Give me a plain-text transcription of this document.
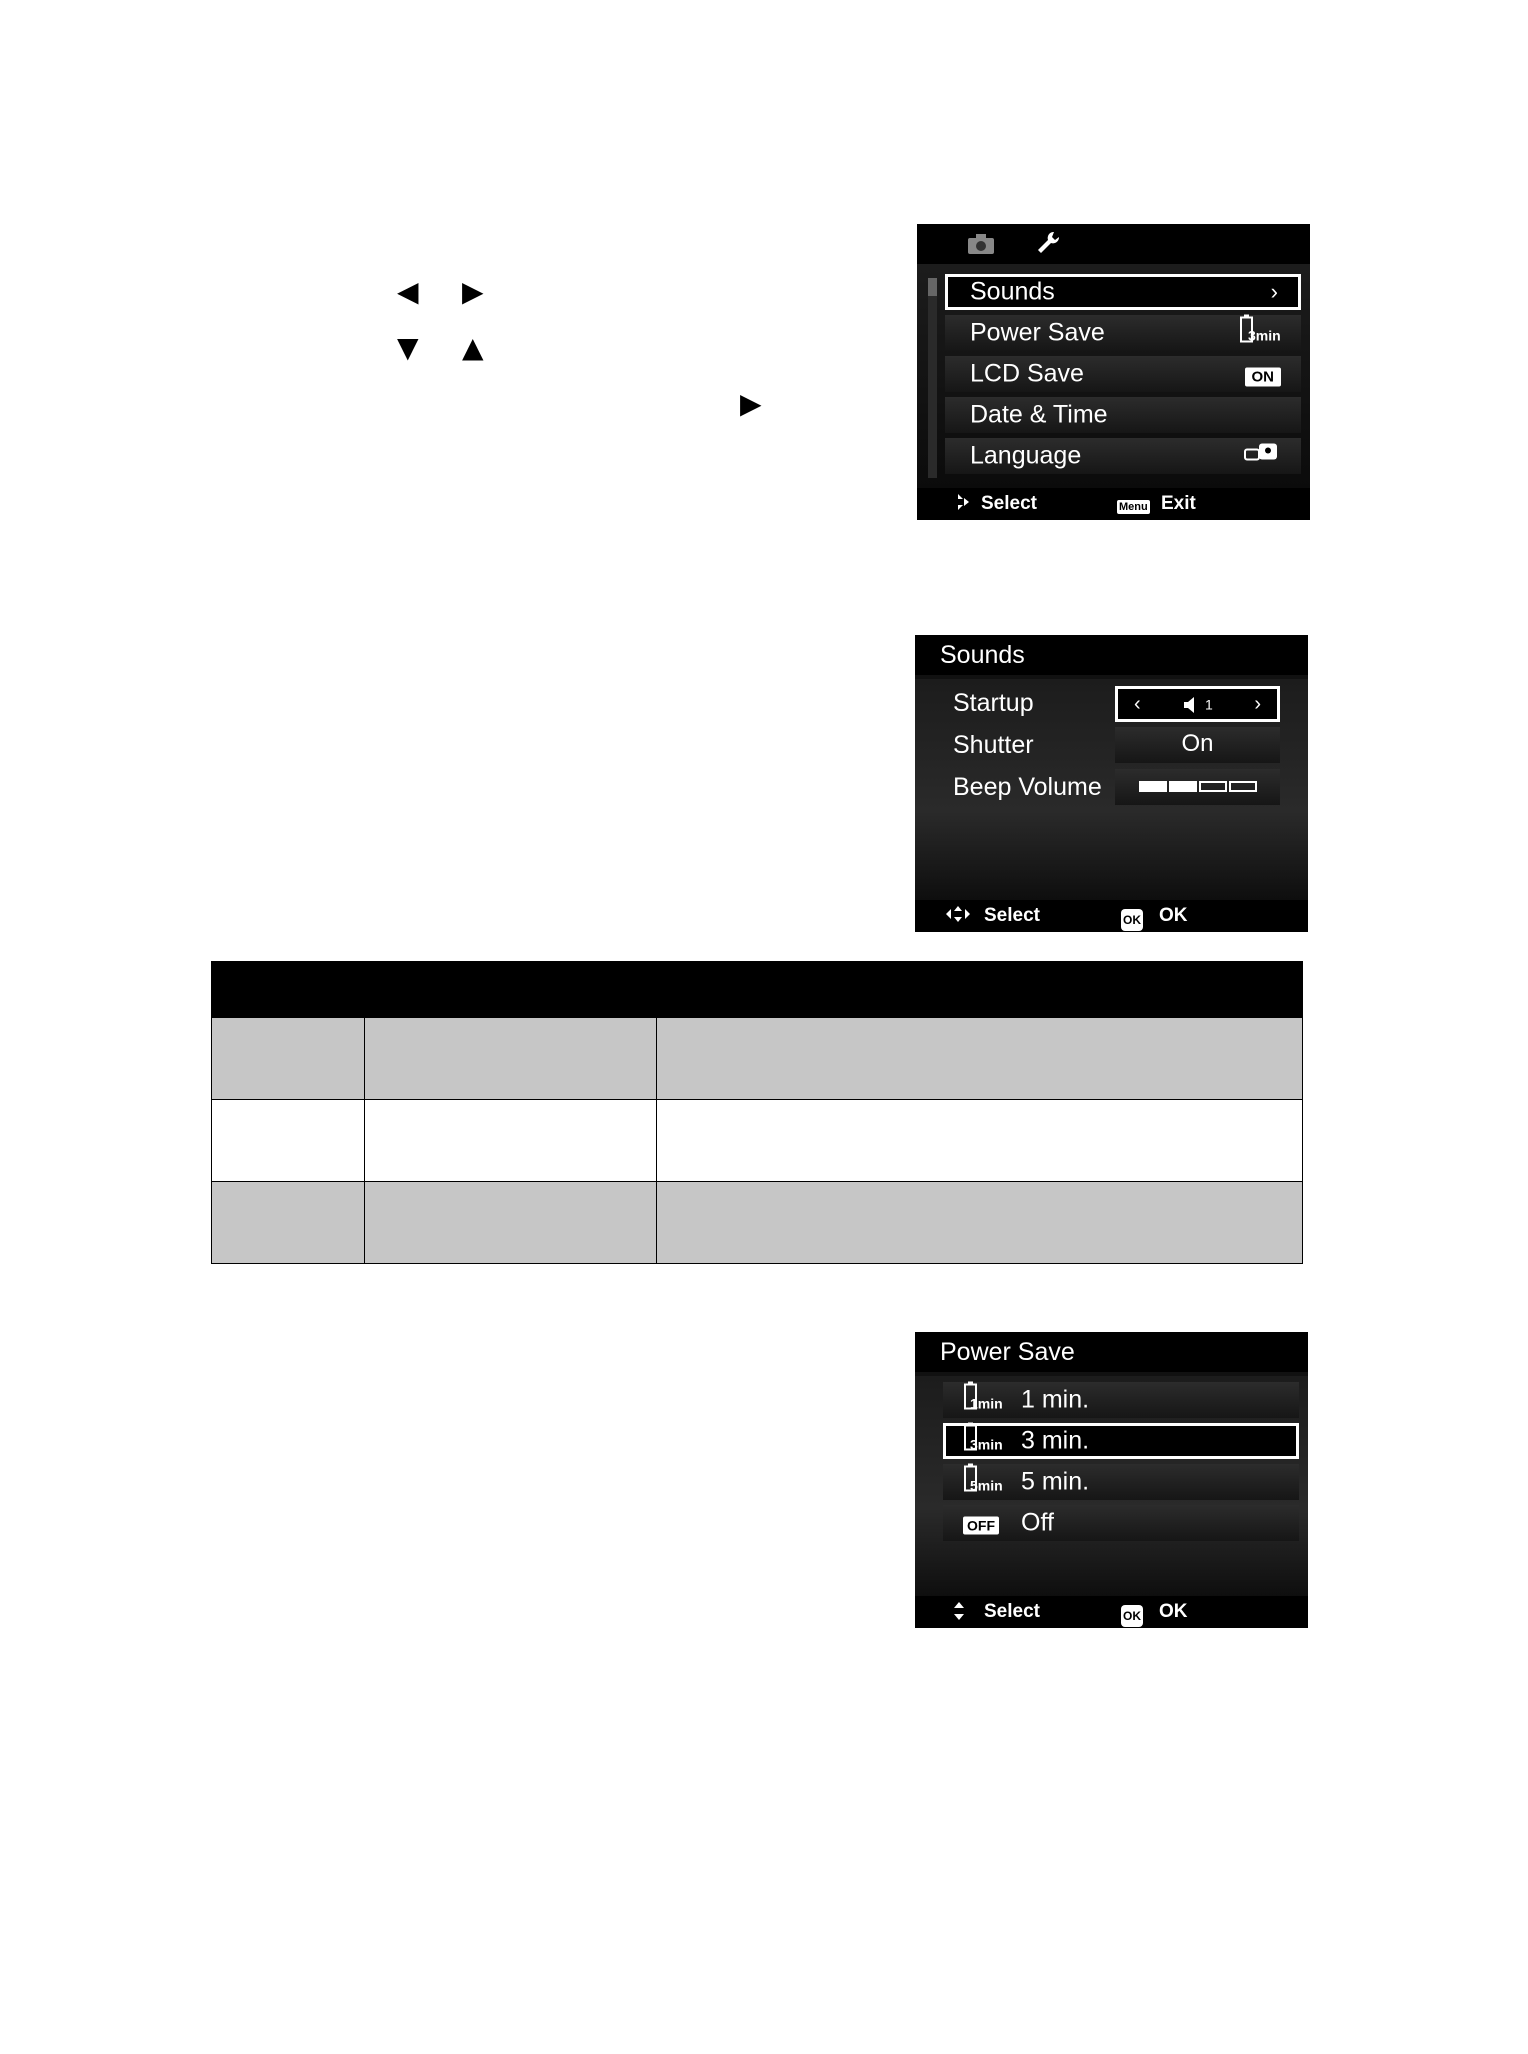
◀ ▶
▼ ▲
▶
Sounds	›
Power Save	3min
LCD Save	ON
Date & Time
Language
Select	Menu Exit
Sounds
Startup	‹	1 ›
Shutter	On
Beep Volume
Select	OK OK

Power Save
1min 1 min.
3min 3 min.
5min 5 min.
OFF Off
Select	OK OK
